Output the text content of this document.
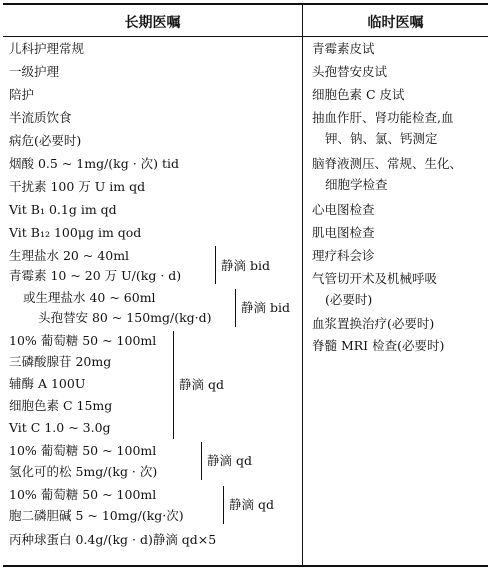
长期医嘱	临时医嘱
儿科护理常规
一级护理
陪护
半流质饮食
病危(必要时)
烟酸 0.5 ~ 1mg/(kg · 次) tid
干扰素 100 万 U im qd
Vit B₁ 0.1g im qd
Vit B₁₂ 100μg im qod
生理盐水 20 ~ 40ml
青霉素 10 ~ 20 万 U/(kg · d)
静滴 bid
或生理盐水 40 ~ 60ml
头孢替安 80 ~ 150mg/(kg·d)
静滴 bid
10% 葡萄糖 50 ~ 100ml
三磷酸腺苷 20mg
辅酶 A 100U
细胞色素 C 15mg
Vit C 1.0 ~ 3.0g
静滴 qd
10% 葡萄糖 50 ~ 100ml
氢化可的松 5mg/(kg · 次)
静滴 qd
10% 葡萄糖 50 ~ 100ml
胞二磷胆碱 5 ~ 10mg/(kg·次)
静滴 qd
丙种球蛋白 0.4g/(kg · d)静滴 qd×5
青霉素皮试
头孢替安皮试
细胞色素 C 皮试
抽血作肝、肾功能检查,血
钾、钠、氯、钙测定
脑脊液测压、常规、生化、
细胞学检查
心电图检查
肌电图检查
理疗科会诊
气管切开术及机械呼吸
(必要时)
血浆置换治疗(必要时)
脊髓 MRI 检查(必要时)
